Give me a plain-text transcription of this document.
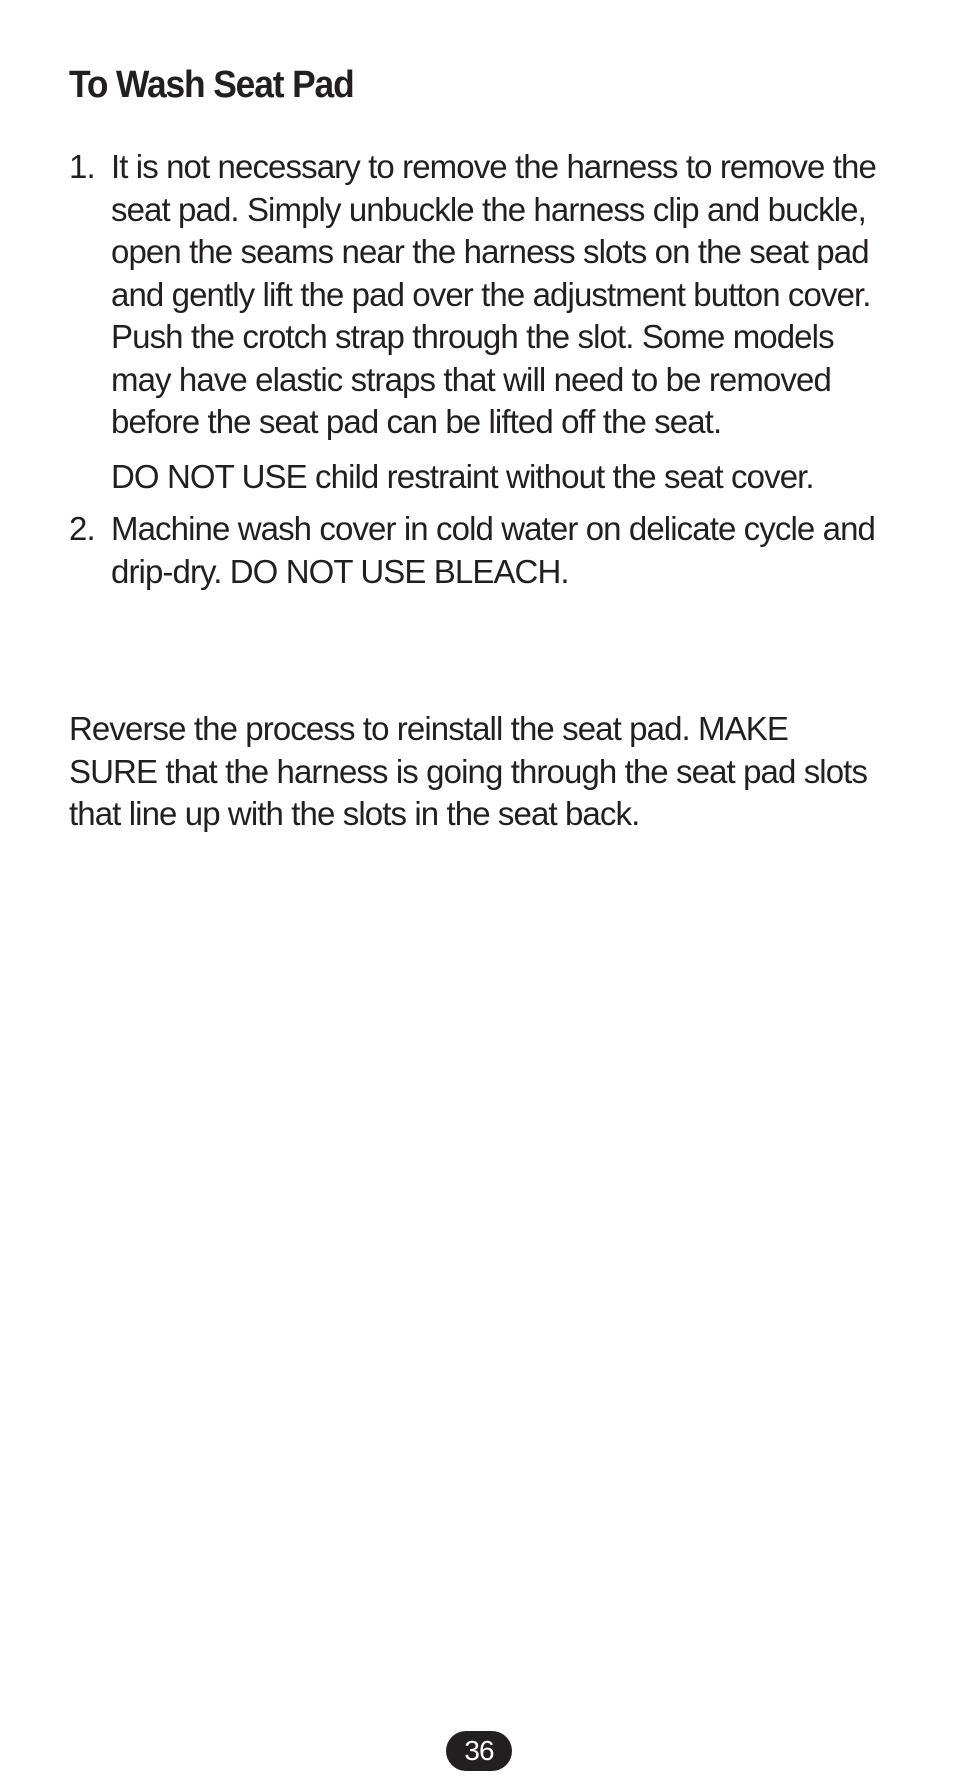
To Wash Seat Pad
1. It is not necessary to remove the harness to remove the seat pad. Simply unbuckle the harness clip and buckle, open the seams near the harness slots on the seat pad and gently lift the pad over the adjustment button cover. Push the crotch strap through the slot. Some models may have elastic straps that will need to be removed before the seat pad can be lifted off the seat.
DO NOT USE child restraint without the seat cover.
2. Machine wash cover in cold water on delicate cycle and drip-dry. DO NOT USE BLEACH.

Reverse the process to reinstall the seat pad. MAKE SURE that the harness is going through the seat pad slots that line up with the slots in the seat back.

36
